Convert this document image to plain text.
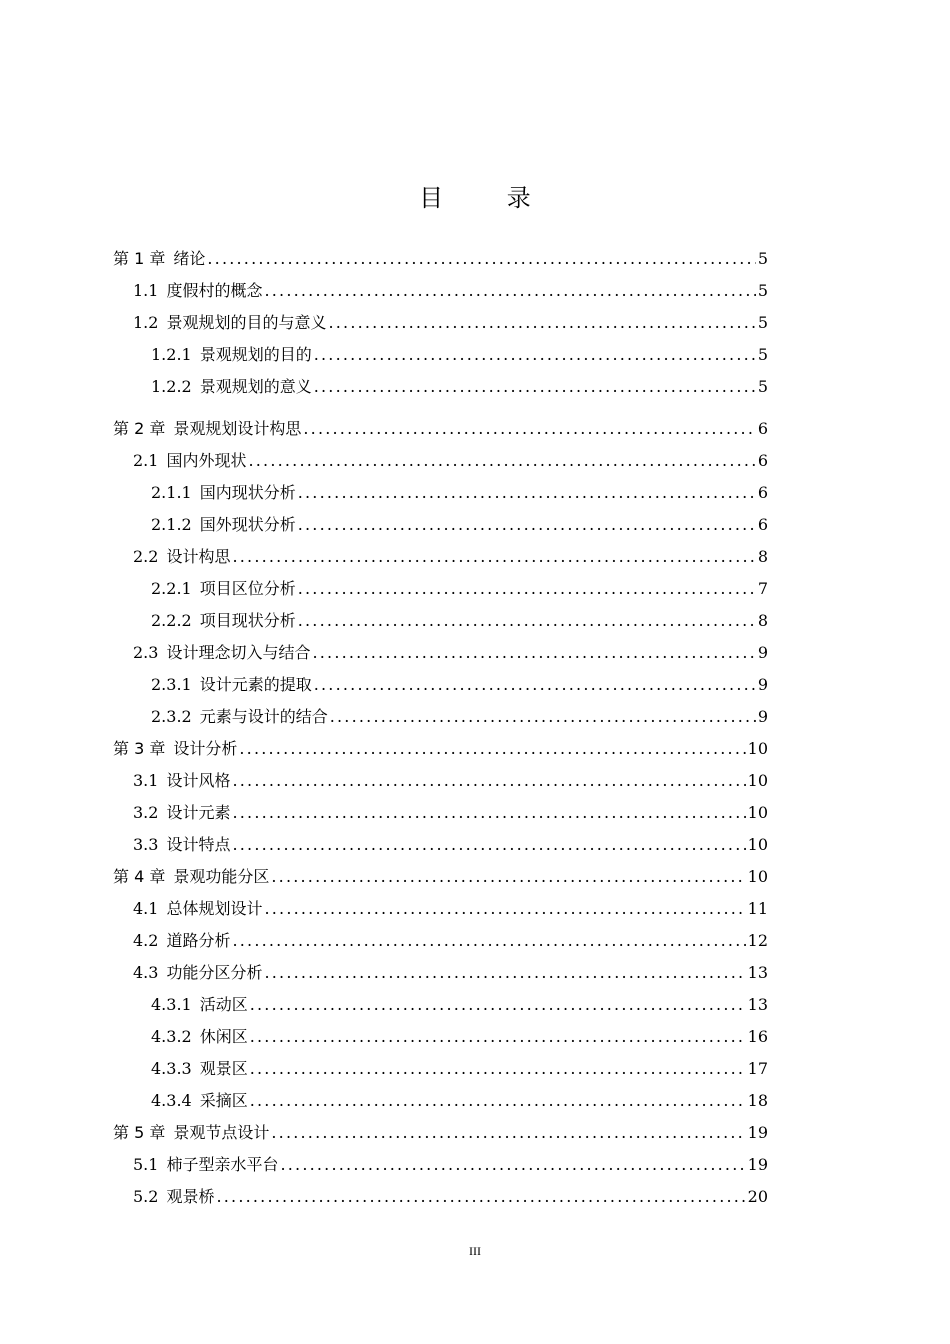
目 录
第 1 章 绪论 .....	5
1.1 度假村的概念 .....	5
1.2 景观规划的目的与意义 .....	5
1.2.1 景观规划的目的 .....	5
1.2.2 景观规划的意义 .....	5
第 2 章 景观规划设计构思 .....	6
2.1 国内外现状 .....	6
2.1.1 国内现状分析 .....	6
2.1.2 国外现状分析 .....	6
2.2 设计构思 .....	8
2.2.1 项目区位分析 .....	7
2.2.2 项目现状分析 .....	8
2.3 设计理念切入与结合 .....	9
2.3.1 设计元素的提取 .....	9
2.3.2 元素与设计的结合 .....	9
第 3 章 设计分析 .....	10
3.1 设计风格 .....	10
3.2 设计元素 .....	10
3.3 设计特点 .....	10
第 4 章 景观功能分区 .....	10
4.1 总体规划设计 .....	11
4.2 道路分析 .....	12
4.3 功能分区分析 .....	13
4.3.1 活动区 .....	13
4.3.2 休闲区 .....	16
4.3.3 观景区 .....	17
4.3.4 采摘区 .....	18
第 5 章 景观节点设计 .....	19
5.1 柿子型亲水平台 .....	19
5.2 观景桥 .....	20
III
